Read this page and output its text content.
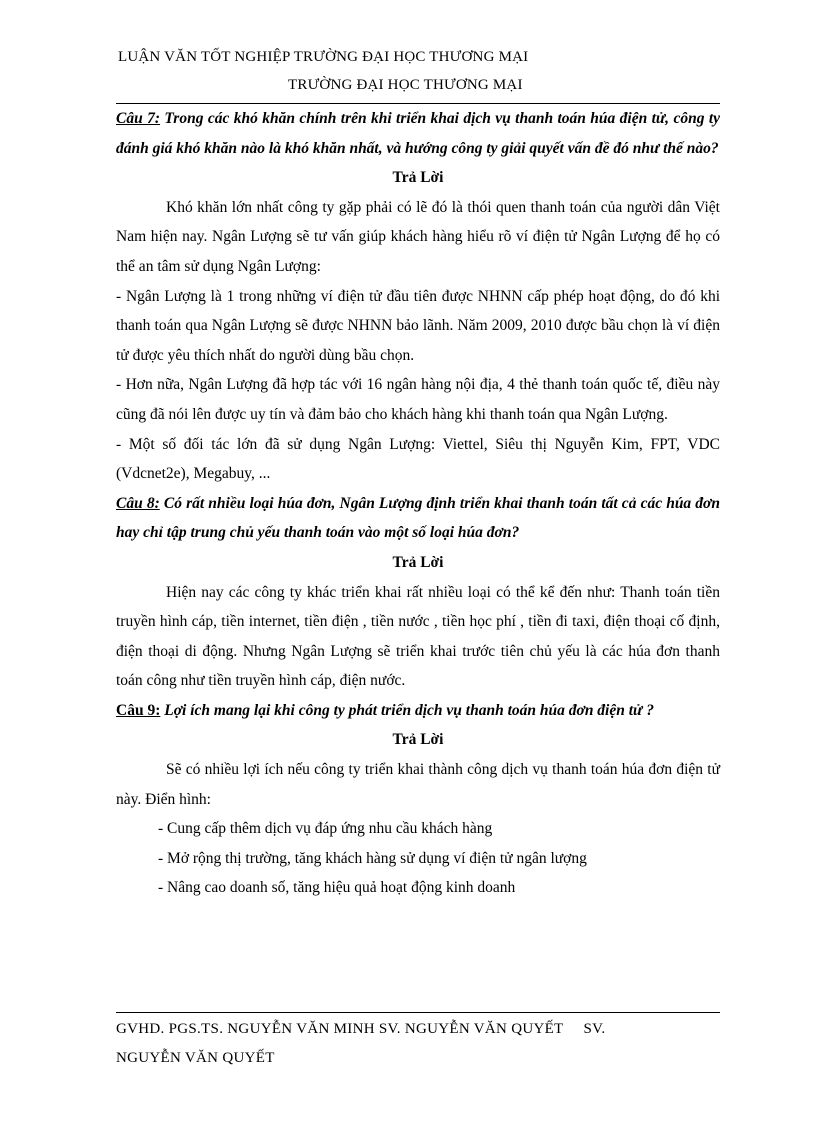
LUẬN VĂN TỐT NGHIỆP TRƯỜNG ĐẠI HỌC THƯƠNG MẠI
TRƯỜNG ĐẠI HỌC THƯƠNG MẠI

Câu 7: Trong các khó khăn chính trên khi triển khai dịch vụ thanh toán húa điện tử, công ty đánh giá khó khăn nào là khó khăn nhất, và hướng công ty giải quyết vấn đề đó như thế nào?

Trả Lời

Khó khăn lớn nhất công ty gặp phải có lẽ đó là thói quen thanh toán của người dân Việt Nam hiện nay. Ngân Lượng sẽ tư vấn giúp khách hàng hiểu rõ ví điện tử Ngân Lượng để họ có thể an tâm sử dụng Ngân Lượng:

- Ngân Lượng là 1 trong những ví điện tử đầu tiên được NHNN cấp phép hoạt động, do đó khi thanh toán qua Ngân Lượng sẽ được NHNN bảo lãnh. Năm 2009, 2010 được bầu chọn là ví điện tử được yêu thích nhất do người dùng bầu chọn.

- Hơn nữa, Ngân Lượng đã hợp tác với 16 ngân hàng nội địa, 4 thẻ thanh toán quốc tế, điều này cũng đã nói lên được uy tín và đảm bảo cho khách hàng khi thanh toán qua Ngân Lượng.

- Một số đối tác lớn đã sử dụng Ngân Lượng: Viettel, Siêu thị Nguyễn Kim, FPT, VDC (Vdcnet2e), Megabuy, ...

Câu 8: Có rất nhiều loại húa đơn, Ngân Lượng định triển khai thanh toán tất cả các húa đơn hay chỉ tập trung chủ yếu thanh toán vào một số loại húa đơn?

Trả Lời

Hiện nay các công ty khác triển khai rất nhiều loại có thể kể đến như: Thanh toán tiền truyền hình cáp, tiền internet, tiền điện , tiền nước , tiền học phí , tiền đi taxi, điện thoại cố định, điện thoại di động. Nhưng Ngân Lượng sẽ triển khai trước tiên chủ yếu là các húa đơn thanh toán công như tiền truyền hình cáp, điện nước.

Câu 9: Lợi ích mang lại khi công ty phát triển dịch vụ thanh toán húa đơn điện tử ?

Trả Lời

Sẽ có nhiều lợi ích nếu công ty triển khai thành công dịch vụ thanh toán húa đơn điện tử này. Điển hình:

- Cung cấp thêm dịch vụ đáp ứng nhu cầu khách hàng

- Mở rộng thị trường, tăng khách hàng sử dụng ví điện tử ngân lượng

- Nâng cao doanh số, tăng hiệu quả hoạt động kinh doanh

GVHD. PGS.TS. NGUYỄN VĂN MINH SV. NGUYỄN VĂN QUYẾT     SV.

NGUYỄN VĂN QUYẾT
